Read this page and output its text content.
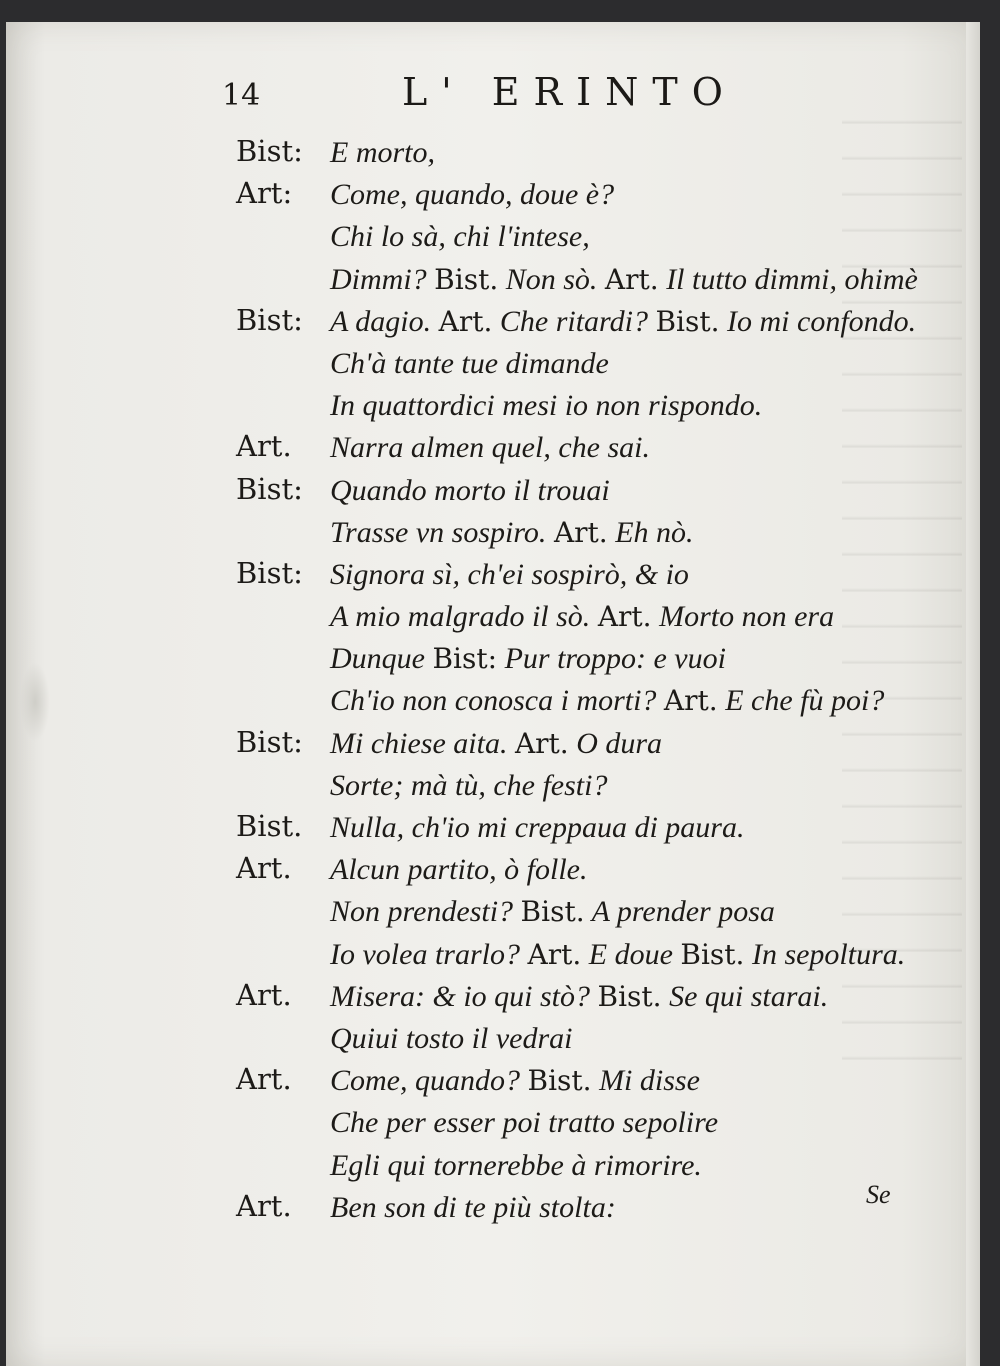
14	L' ERINTO
Bist: E morto,
Art: Come, quando, doue è?
Chi lo sà, chi l'intese,
Dimmi? Bist. Non sò. Art. Il tutto dimmi, ohimè
Bist: A dagio. Art. Che ritardi? Bist. Io mi confondo.
Ch'à tante tue dimande
In quattordici mesi io non rispondo.
Art. Narra almen quel, che sai.
Bist: Quando morto il trouai
Trasse vn sospiro. Art. Eh nò.
Bist: Signora sì, ch'ei sospirò, & io
A mio malgrado il sò. Art. Morto non era
Dunque Bist: Pur troppo: e vuoi
Ch'io non conosca i morti? Art. E che fù poi?
Bist: Mi chiese aita. Art. O dura
Sorte; mà tù, che festi?
Bist. Nulla, ch'io mi creppaua di paura.
Art. Alcun partito, ò folle.
Non prendesti? Bist. A prender posa
Io volea trarlo? Art. E doue Bist. In sepoltura.
Art. Misera: & io qui stò? Bist. Se qui starai.
Quiui tosto il vedrai
Art. Come, quando? Bist. Mi disse
Che per esser poi tratto sepolire
Egli qui tornerebbe à rimorire.
Art. Ben son di te più stolta:	Se
